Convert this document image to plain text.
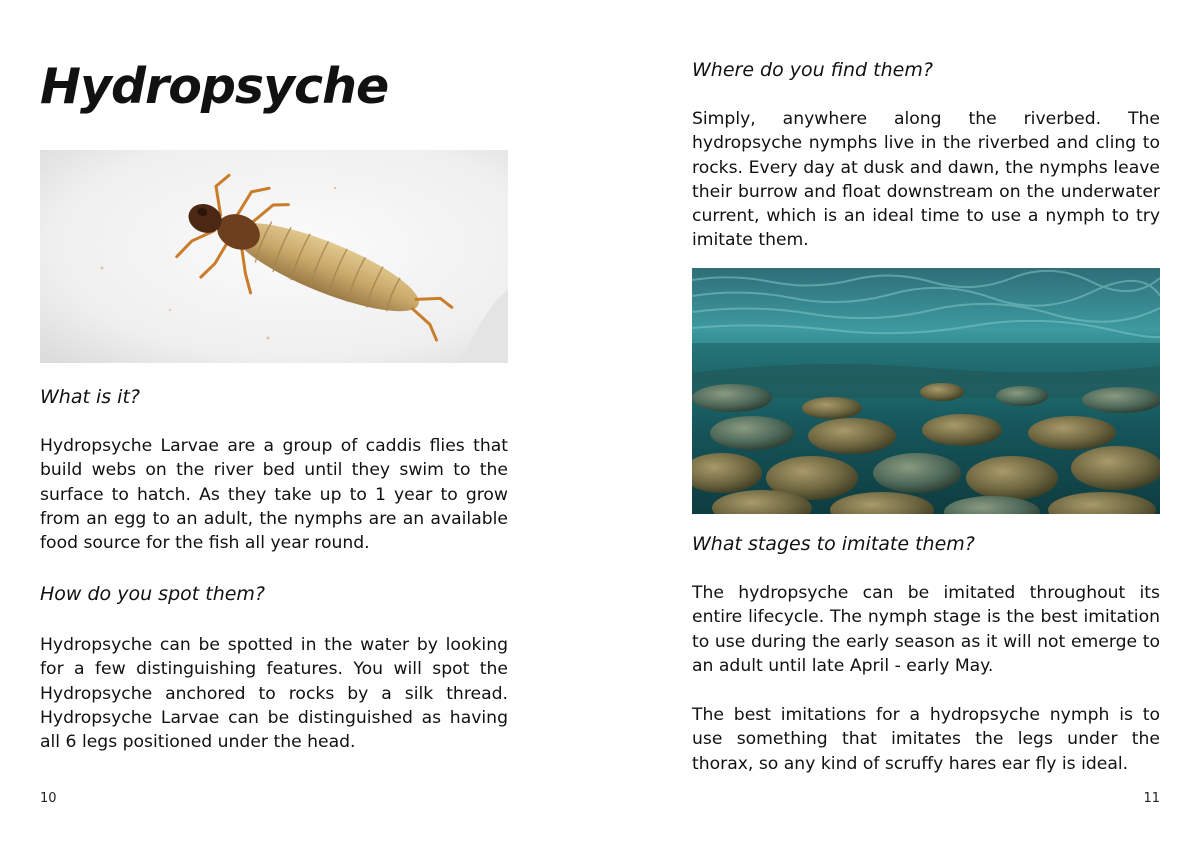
Hydropsyche
What is it?

Hydropsyche Larvae are a group of caddis flies that build webs on the river bed until they swim to the surface to hatch. As they take up to 1 year to grow from an egg to an adult, the nymphs are an available food source for the fish all year round.

How do you spot them?

Hydropsyche can be spotted in the water by looking for a few distinguishing features. You will spot the Hydropsyche anchored to rocks by a silk thread. Hydropsyche Larvae can be distinguished as having all 6 legs positioned under the head.

10
Where do you find them?

Simply, anywhere along the riverbed. The hydropsyche nymphs live in the riverbed and cling to rocks. Every day at dusk and dawn, the nymphs leave their burrow and float downstream on the underwater current, which is an ideal time to use a nymph to try imitate them.

What stages to imitate them?

The hydropsyche can be imitated throughout its entire lifecycle. The nymph stage is the best imitation to use during the early season as it will not emerge to an adult until late April - early May.

The best imitations for a hydropsyche nymph is to use something that imitates the legs under the thorax, so any kind of scruffy hares ear fly is ideal.

11
